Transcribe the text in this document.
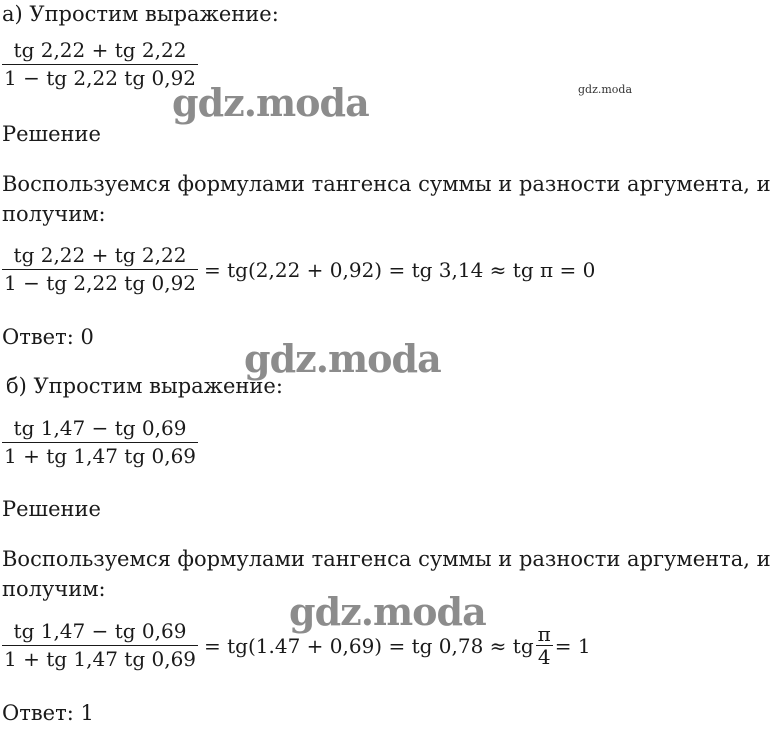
а) Упростим выражение:
$\frac{tg 2,22 + tg 2,22}{1 - tg 2,22 tg 0,92}$
Решение
Воспользуемся формулами тангенса суммы и разности аргумента, и
получим:
$\frac{tg 2,22 + tg 2,22}{1 - tg 2,22 tg 0,92} = tg(2,22 + 0,92)$ = tg 3,14 ≈ tg π = 0
Ответ: 0
б) Упростим выражение:
$\frac{tg 1,47 - tg 0,69}{1 + tg 1,47 tg 0,69}$
Решение
Воспользуемся формулами тангенса суммы и разности аргумента, и
получим:
$\frac{tg 1,47 - tg 0,69}{1 + tg 1,47 tg 0,69} = tg(1.47 + 0,69)$ = tg 0,78 ≈ tg $\frac{\pi}{4} = 1$
Ответ: 1
gdz.moda	gdz.moda
gdz.moda
gdz.moda
